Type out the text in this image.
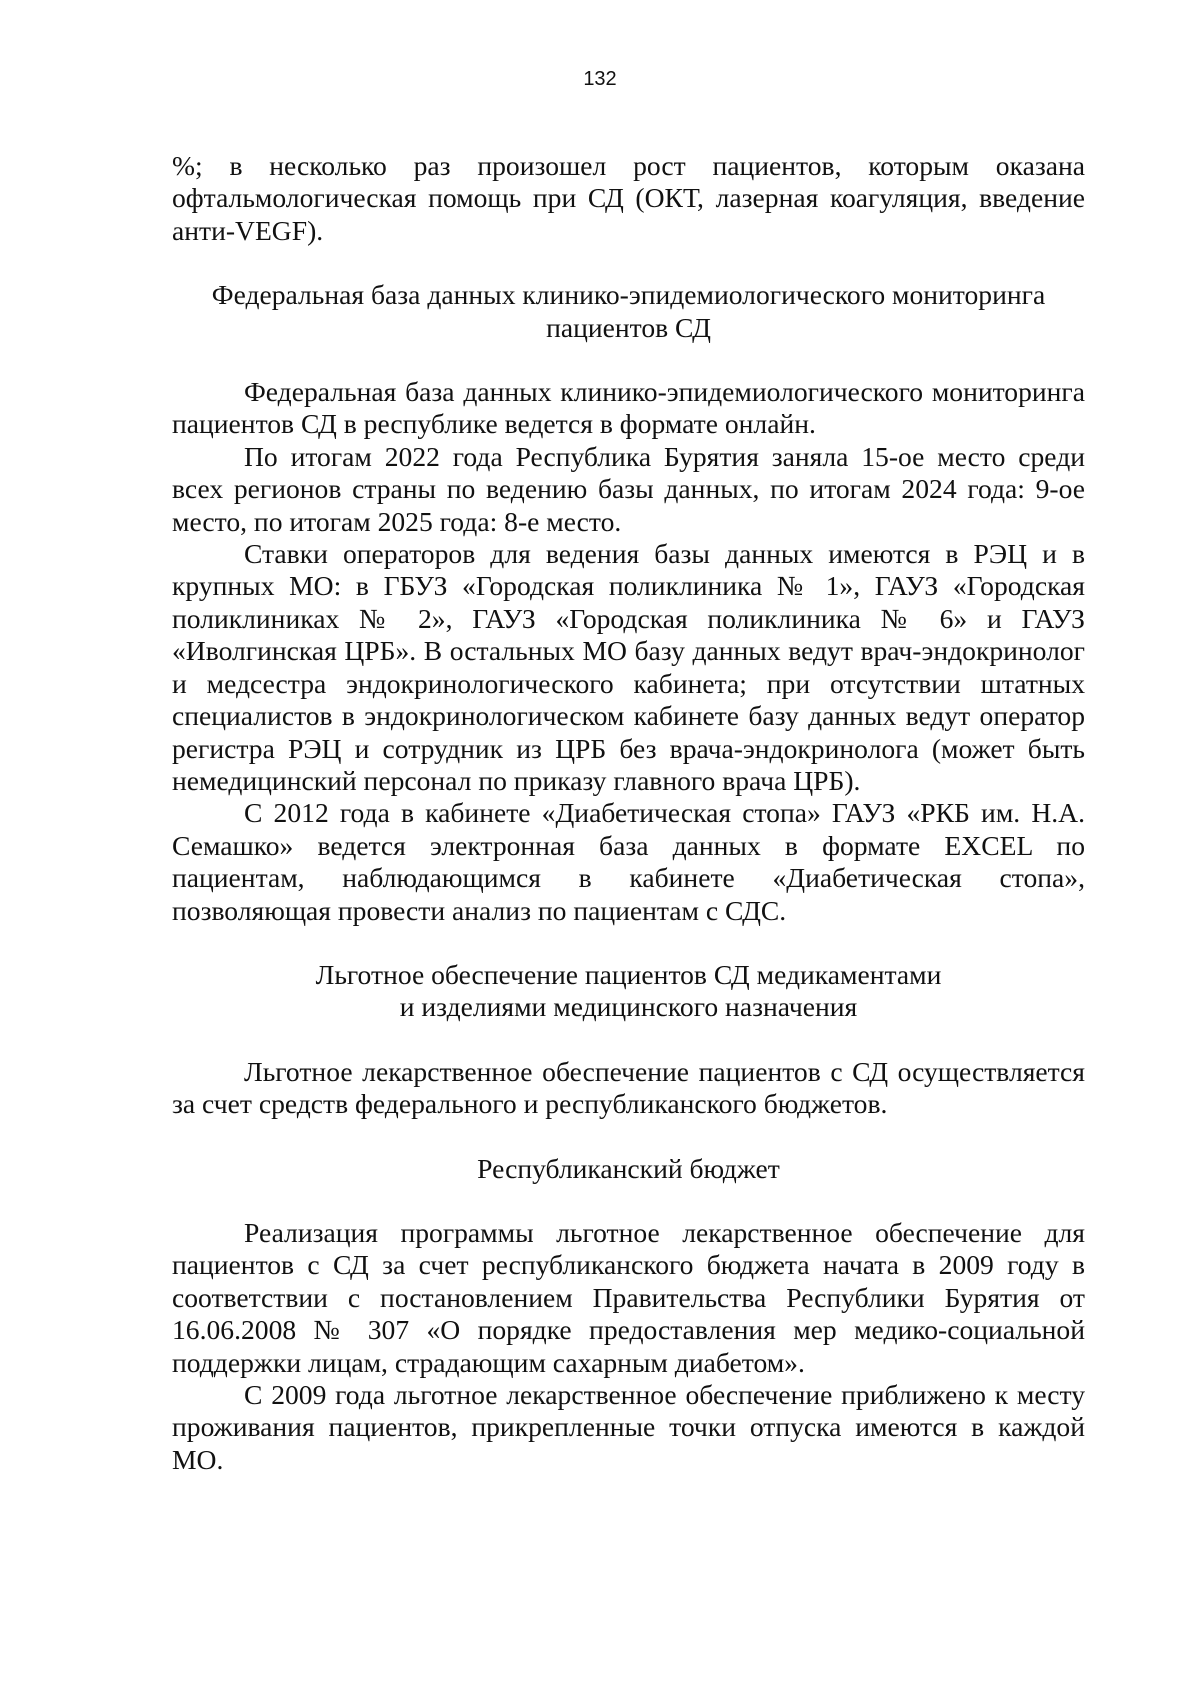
132

%; в несколько раз произошел рост пациентов, которым оказана офтальмологическая помощь при СД (ОКТ, лазерная коагуляция, введение анти-VEGF).

Федеральная база данных клинико-эпидемиологического мониторинга пациентов СД

Федеральная база данных клинико-эпидемиологического мониторинга пациентов СД в республике ведется в формате онлайн.

По итогам 2022 года Республика Бурятия заняла 15-ое место среди всех регионов страны по ведению базы данных, по итогам 2024 года: 9-ое место, по итогам 2025 года: 8-е место.

Ставки операторов для ведения базы данных имеются в РЭЦ и в крупных МО: в ГБУЗ «Городская поликлиника № 1», ГАУЗ «Городская поликлиниках № 2», ГАУЗ «Городская поликлиника № 6» и ГАУЗ «Иволгинская ЦРБ». В остальных МО базу данных ведут врач-эндокринолог и медсестра эндокринологического кабинета; при отсутствии штатных специалистов в эндокринологическом кабинете базу данных ведут оператор регистра РЭЦ и сотрудник из ЦРБ без врача-эндокринолога (может быть немедицинский персонал по приказу главного врача ЦРБ).

С 2012 года в кабинете «Диабетическая стопа» ГАУЗ «РКБ им. Н.А. Семашко» ведется электронная база данных в формате EXCEL по пациентам, наблюдающимся в кабинете «Диабетическая стопа», позволяющая провести анализ по пациентам с СДС.

Льготное обеспечение пациентов СД медикаментами

и изделиями медицинского назначения

Льготное лекарственное обеспечение пациентов с СД осуществляется за счет средств федерального и республиканского бюджетов.

Республиканский бюджет

Реализация программы льготное лекарственное обеспечение для пациентов с СД за счет республиканского бюджета начата в 2009 году в соответствии с постановлением Правительства Республики Бурятия от 16.06.2008 № 307 «О порядке предоставления мер медико-социальной поддержки лицам, страдающим сахарным диабетом».

С 2009 года льготное лекарственное обеспечение приближено к месту проживания пациентов, прикрепленные точки отпуска имеются в каждой МО.
